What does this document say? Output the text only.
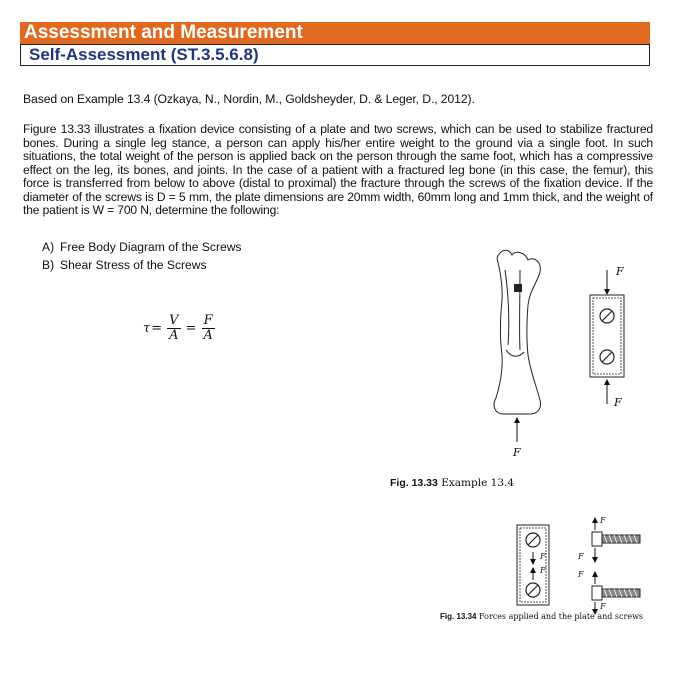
Assessment and Measurement
Self-Assessment (ST.3.5.6.8)
Based on Example 13.4 (Ozkaya, N., Nordin, M., Goldsheyder, D. & Leger, D., 2012).
Figure 13.33 illustrates a fixation device consisting of a plate and two screws, which can be used to stabilize fractured bones. During a single leg stance, a person can apply his/her entire weight to the ground via a single foot. In such situations, the total weight of the person is applied back on the person through the same foot, which has a compressive effect on the leg, its bones, and joints. In the case of a patient with a fractured leg bone (in this case, the femur), this force is transferred from below to above (distal to proximal) the fracture through the screws of the fixation device. If the diameter of the screws is D = 5 mm, the plate dimensions are 20mm width, 60mm long and 1mm thick, and the weight of the patient is W = 700 N, determine the following:
A) Free Body Diagram of the Screws
B) Shear Stress of the Screws
$\tau = \frac{V}{A} = \frac{F}{A}$
F
F
F
Fig. 13.33 Example 13.4
F
F
F
F
F
F
Fig. 13.34 Forces applied and the plate and screws
